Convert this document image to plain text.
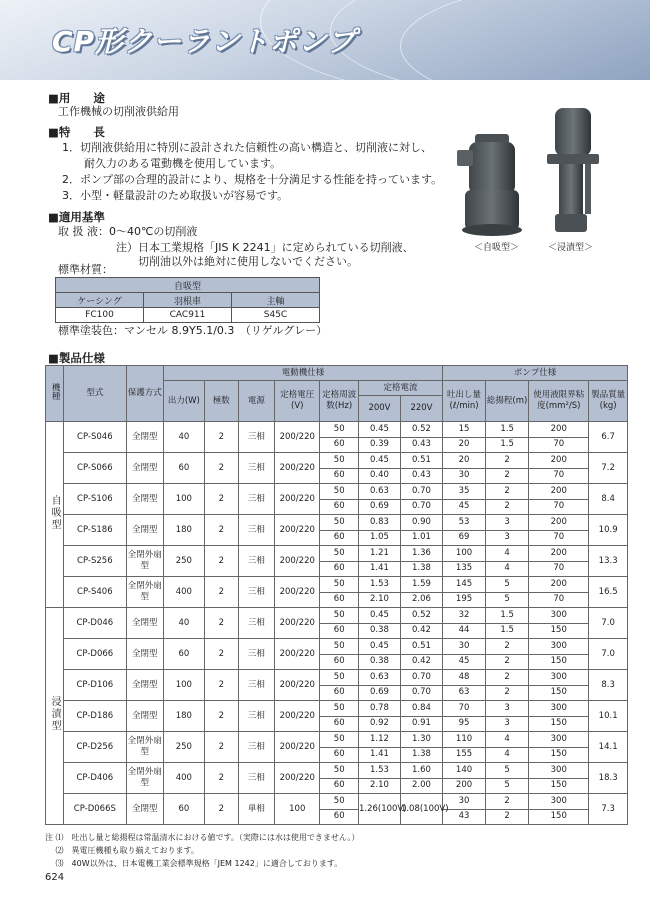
CP形クーラントポンプ
■用　　途
工作機械の切削液供給用
■特　　長
1．切削液供給用に特別に設計された信頼性の高い構造と、切削液に対し、
　　耐久力のある電動機を使用しています。
2．ポンプ部の合理的設計により、規格を十分満足する性能を持っています。
3．小型・軽量設計のため取扱いが容易です。
■適用基準
取 扱 液：0〜40℃の切削液
注）日本工業規格「JIS K 2241」に定められている切削液、
切削油以外は絶対に使用しないでください。
標準材質：
自吸型		
ケーシング	羽根車	主軸
FC100	CAC911	S45C
標準塗装色：マンセル 8.9Y5.1/0.3　（リゲルグレー）
＜自吸型＞	＜浸漬型＞
■製品仕様
機種	型式	保護方式	電動機仕様							ポンプ仕様			
			出力(W)	極数	電源	定格電圧(V)	定格周波数(Hz)	定格電流		吐出し量(ℓ/min)	総揚程(m)	使用液限界粘度(mm²/S)	製品質量(kg)
								200V	220V				
自吸型	CP-S046	全閉型	40	2	三相	200/220	50	0.45	0.52	15	1.5	200	6.7
							60	0.39	0.43	20	1.5	70	
	CP-S066	全閉型	60	2	三相	200/220	50	0.45	0.51	20	2	200	7.2
							60	0.40	0.43	30	2	70	
	CP-S106	全閉型	100	2	三相	200/220	50	0.63	0.70	35	2	200	8.4
							60	0.69	0.70	45	2	70	
	CP-S186	全閉型	180	2	三相	200/220	50	0.83	0.90	53	3	200	10.9
							60	1.05	1.01	69	3	70	
	CP-S256	全閉外扇型	250	2	三相	200/220	50	1.21	1.36	100	4	200	13.3
							60	1.41	1.38	135	4	70	
	CP-S406	全閉外扇型	400	2	三相	200/220	50	1.53	1.59	145	5	200	16.5
							60	2.10	2.06	195	5	70	
浸漬型	CP-D046	全閉型	40	2	三相	200/220	50	0.45	0.52	32	1.5	300	7.0
							60	0.38	0.42	44	1.5	150	
	CP-D066	全閉型	60	2	三相	200/220	50	0.45	0.51	30	2	300	7.0
							60	0.38	0.42	45	2	150	
	CP-D106	全閉型	100	2	三相	200/220	50	0.63	0.70	48	2	300	8.3
							60	0.69	0.70	63	2	150	
	CP-D186	全閉型	180	2	三相	200/220	50	0.78	0.84	70	3	300	10.1
							60	0.92	0.91	95	3	150	
	CP-D256	全閉外扇型	250	2	三相	200/220	50	1.12	1.30	110	4	300	14.1
							60	1.41	1.38	155	4	150	
	CP-D406	全閉外扇型	400	2	三相	200/220	50	1.53	1.60	140	5	300	18.3
							60	2.10	2.00	200	5	150	
	CP-D066S	全閉型	60	2	単相	100	50	1.26(100V)	1.08(100V)	30	2	300	7.3
							60			43	2	150	
注 ⑴　吐出し量と総揚程は常温清水における値です。（実際には水は使用できません。）
　 ⑵　異電圧機種も取り揃えております。
　 ⑶　40W以外は、日本電機工業会標準規格「JEM 1242」に適合しております。
624
